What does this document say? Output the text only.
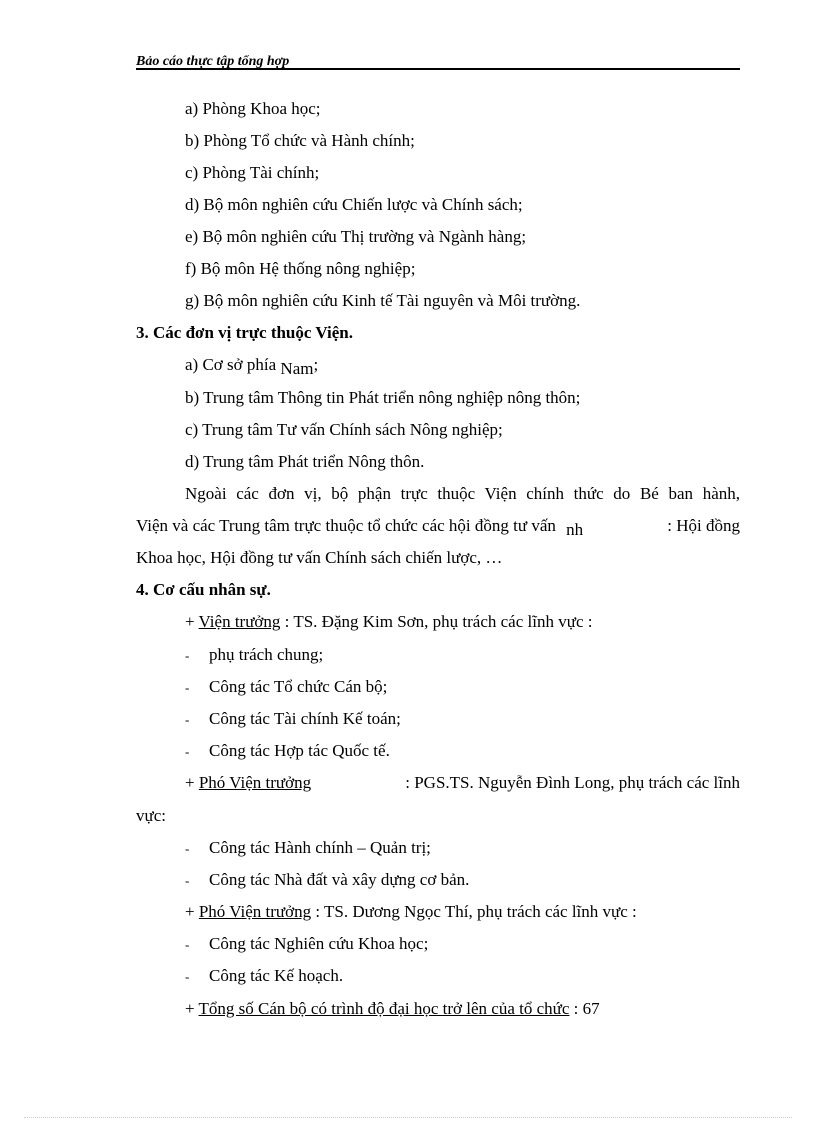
Bảo cáo thực tập tổng hợp
a) Phòng Khoa học;
b) Phòng Tổ chức và Hành chính;
c) Phòng Tài chính;
d) Bộ môn nghiên cứu Chiến lược và Chính sách;
e) Bộ môn nghiên cứu Thị trường và Ngành hàng;
f) Bộ môn Hệ thống nông nghiệp;
g) Bộ môn nghiên cứu Kinh tế Tài nguyên và Môi trường.
3. Các đơn vị trực thuộc Viện.
a) Cơ sở phía Nam;
b) Trung tâm Thông tin Phát triển nông nghiệp nông thôn;
c) Trung tâm Tư vấn Chính sách Nông nghiệp;
d) Trung tâm Phát triển Nông thôn.
Ngoài các đơn vị, bộ phận trực thuộc Viện chính thức do Bé ban hành,
Viện và các Trung tâm trực thuộc tổ chức các hội đồng tư vấn nh	: Hội đồng
Khoa học, Hội đồng tư vấn Chính sách chiến lược, …
4. Cơ cấu nhân sự.
+ Viện trưởng : TS. Đặng Kim Sơn, phụ trách các lĩnh vực :
- phụ trách chung;
- Công tác Tổ chức Cán bộ;
- Công tác Tài chính Kế toán;
- Công tác Hợp tác Quốc tế.
+ Phó Viện trưởng	: PGS.TS. Nguyễn Đình Long, phụ trách các lĩnh
vực:
- Công tác Hành chính – Quản trị;
- Công tác Nhà đất và xây dựng cơ bản.
+ Phó Viện trưởng : TS. Dương Ngọc Thí, phụ trách các lĩnh vực :
- Công tác Nghiên cứu Khoa học;
- Công tác Kế hoạch.
+ Tổng số Cán bộ có trình độ đại học trở lên của tổ chức : 67
